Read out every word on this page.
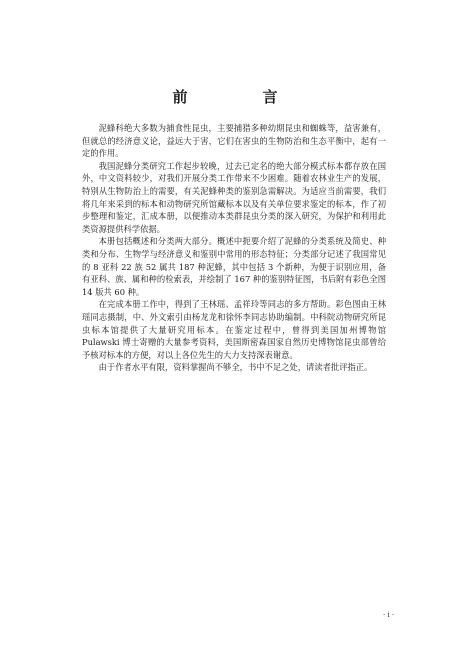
前　言

泥蜂科绝大多数为捕食性昆虫，主要捕猎多种幼期昆虫和蜘蛛等，益害兼有，但就总的经济意义论，益远大于害，它们在害虫的生物防治和生态平衡中，起有一定的作用。

我国泥蜂分类研究工作起步较晚，过去已定名的绝大部分模式标本都存放在国外，中文资料较少，对我们开展分类工作带来不少困难。随着农林业生产的发展，特别从生物防治上的需要，有关泥蜂种类的鉴别急需解决。为适应当前需要，我们将几年来采到的标本和动物研究所馆藏标本以及有关单位要求鉴定的标本，作了初步整理和鉴定，汇成本册，以便推动本类群昆虫分类的深入研究，为保护和利用此类资源提供科学依据。

本册包括概述和分类两大部分。概述中扼要介绍了泥蜂的分类系统及简史、种类和分布、生物学与经济意义和鉴别中常用的形态特征；分类部分记述了我国常见的 8 亚科 22 族 52 属共 187 种泥蜂，其中包括 3 个新种，为便于识别应用，备有亚科、族、属和种的检索表，并绘制了 167 种的鉴别特征图，书后附有彩色全图 14 版共 60 种。

在完成本册工作中，得到了王林瑶、孟祥玲等同志的多方帮助。彩色图由王林瑶同志摄制，中、外文索引由杨龙龙和徐怀李同志协助编制。中科院动物研究所昆虫标本馆提供了大量研究用标本。在鉴定过程中，曾得到美国加州博物馆 Pulawski 博士寄赠的大量参考资料，美国斯密森国家自然历史博物馆昆虫部曾给予核对标本的方便，对以上各位先生的大力支持深表谢意。

由于作者水平有限，资料掌握尚不够全，书中不足之处，请读者批评指正。

· i ·
